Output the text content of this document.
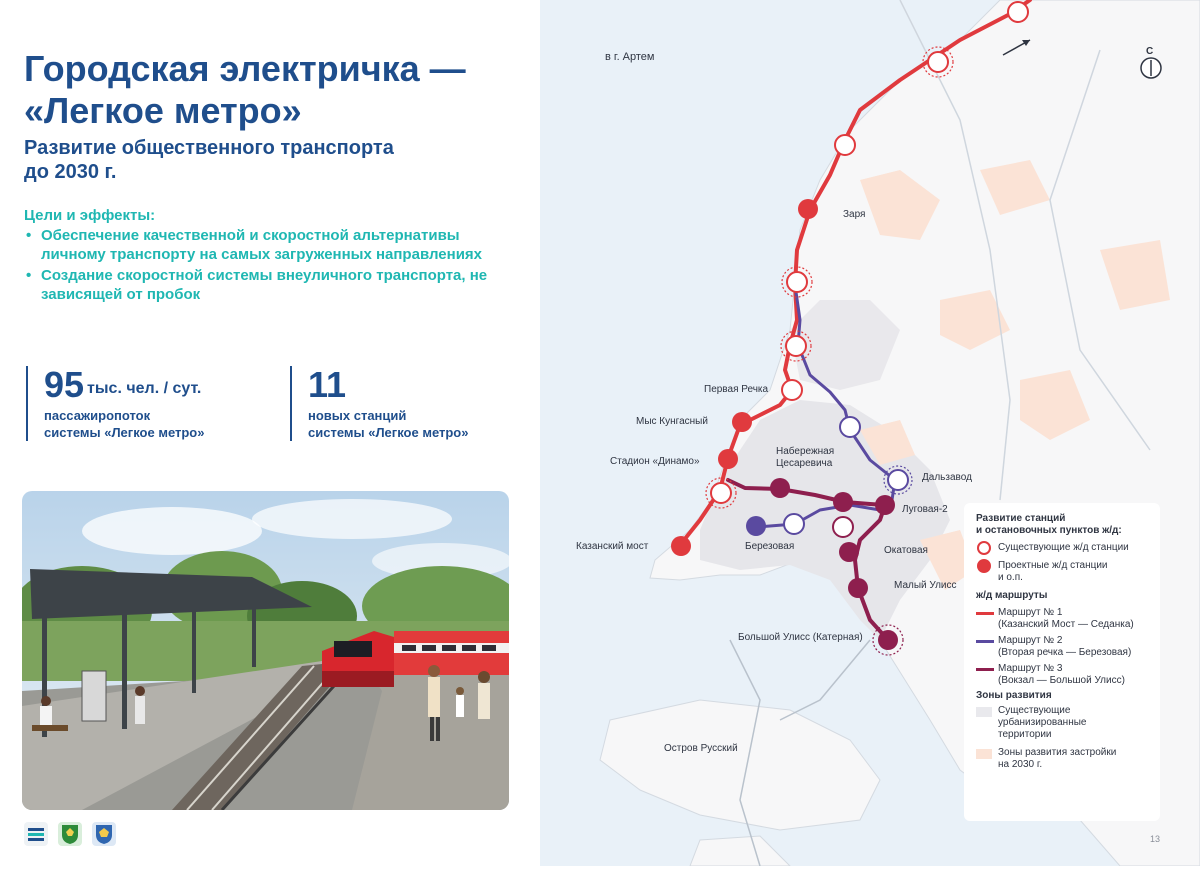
Городская электричка —
«Легкое метро»
Развитие общественного транспорта
до 2030 г.
Цели и эффекты:
• Обеспечение качественной и скоростной альтернативы личному транспорту на самых загруженных направлениях
• Создание скоростной системы внеуличного транспорта, не зависящей от пробок
95 тыс. чел. / сут.
пассажиропоток
системы «Легкое метро»
11
новых станций
системы «Легкое метро»
в г. Артем	С
Заря
Первая Речка
Мыс Кунгасный
Набережная
Цесаревича
Стадион «Динамо»
Дальзавод
Луговая-2
Казанский мост	Березовая	Окатовая
Малый Улисс
Большой Улисс (Катерная)
Остров Русский
Развитие станций
и остановочных пунктов ж/д:
Существующие ж/д станции
Проектные ж/д станции
и о.п.
ж/д маршруты
Маршрут № 1
(Казанский Мост — Седанка)
Маршрут № 2
(Вторая речка — Березовая)
Маршрут № 3
(Вокзал — Большой Улисс)
Зоны развития
Существующие
урбанизированные
территории
Зоны развития застройки
на 2030 г.
13
